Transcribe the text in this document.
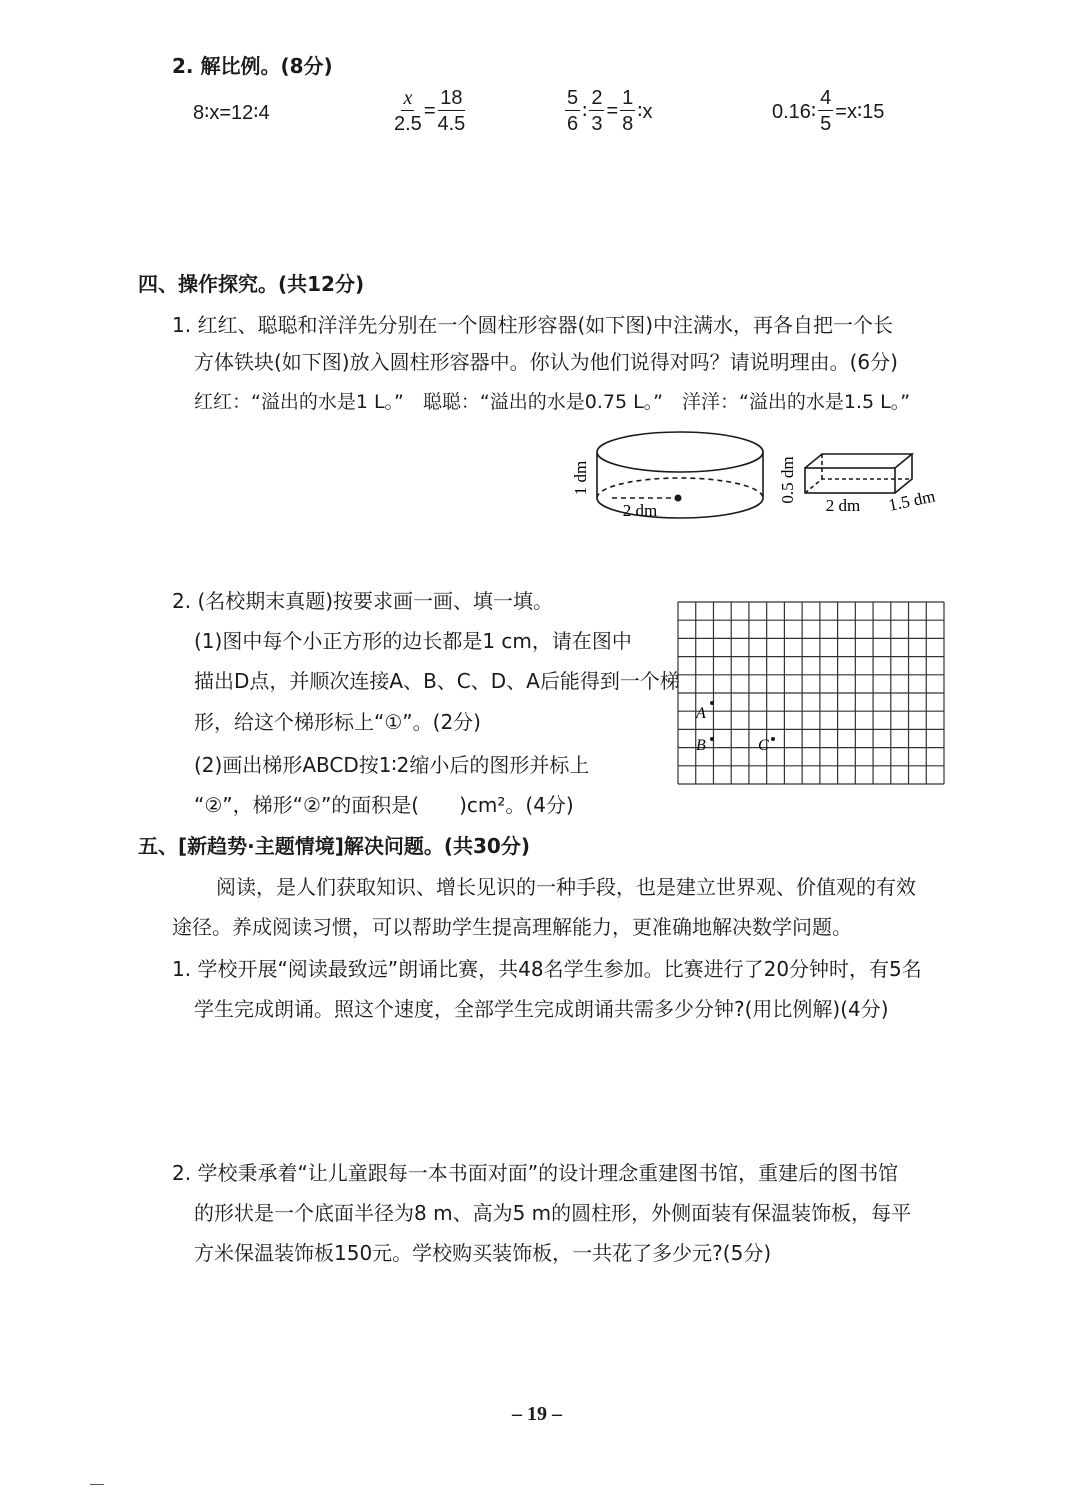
2. 解比例。(8分)
8∶x=12∶4	$\frac{x}{2.5} = \frac{18}{4.5}$	$\frac{5}{6}$ ∶ $\frac{2}{3} = \frac{1}{8}$ ∶x	0.16∶ $\frac{4}{5}$ =x∶15
四、操作探究。(共12分)
1. 红红、聪聪和洋洋先分别在一个圆柱形容器(如下图)中注满水，再各自把一个长
方体铁块(如下图)放入圆柱形容器中。你认为他们说得对吗？请说明理由。(6分)
红红：“溢出的水是1 L。”　聪聪：“溢出的水是0.75 L。”　洋洋：“溢出的水是1.5 L。”
1 dm
2 dm
0.5 dm
2 dm 1.5 dm
2. (名校期末真题)按要求画一画、填一填。
(1)图中每个小正方形的边长都是1 cm，请在图中
描出D点，并顺次连接A、B、C、D、A后能得到一个梯
形，给这个梯形标上“①”。(2分)
(2)画出梯形ABCD按1∶2缩小后的图形并标上
“②”，梯形“②”的面积是(　　)cm²。(4分)
A
B	C
五、[新趋势·主题情境]解决问题。(共30分)
阅读，是人们获取知识、增长见识的一种手段，也是建立世界观、价值观的有效
途径。养成阅读习惯，可以帮助学生提高理解能力，更准确地解决数学问题。
1. 学校开展“阅读最致远”朗诵比赛，共48名学生参加。比赛进行了20分钟时，有5名
学生完成朗诵。照这个速度，全部学生完成朗诵共需多少分钟?(用比例解)(4分)
2. 学校秉承着“让儿童跟每一本书面对面”的设计理念重建图书馆，重建后的图书馆
的形状是一个底面半径为8 m、高为5 m的圆柱形，外侧面装有保温装饰板，每平
方米保温装饰板150元。学校购买装饰板，一共花了多少元?(5分)
– 19 –
